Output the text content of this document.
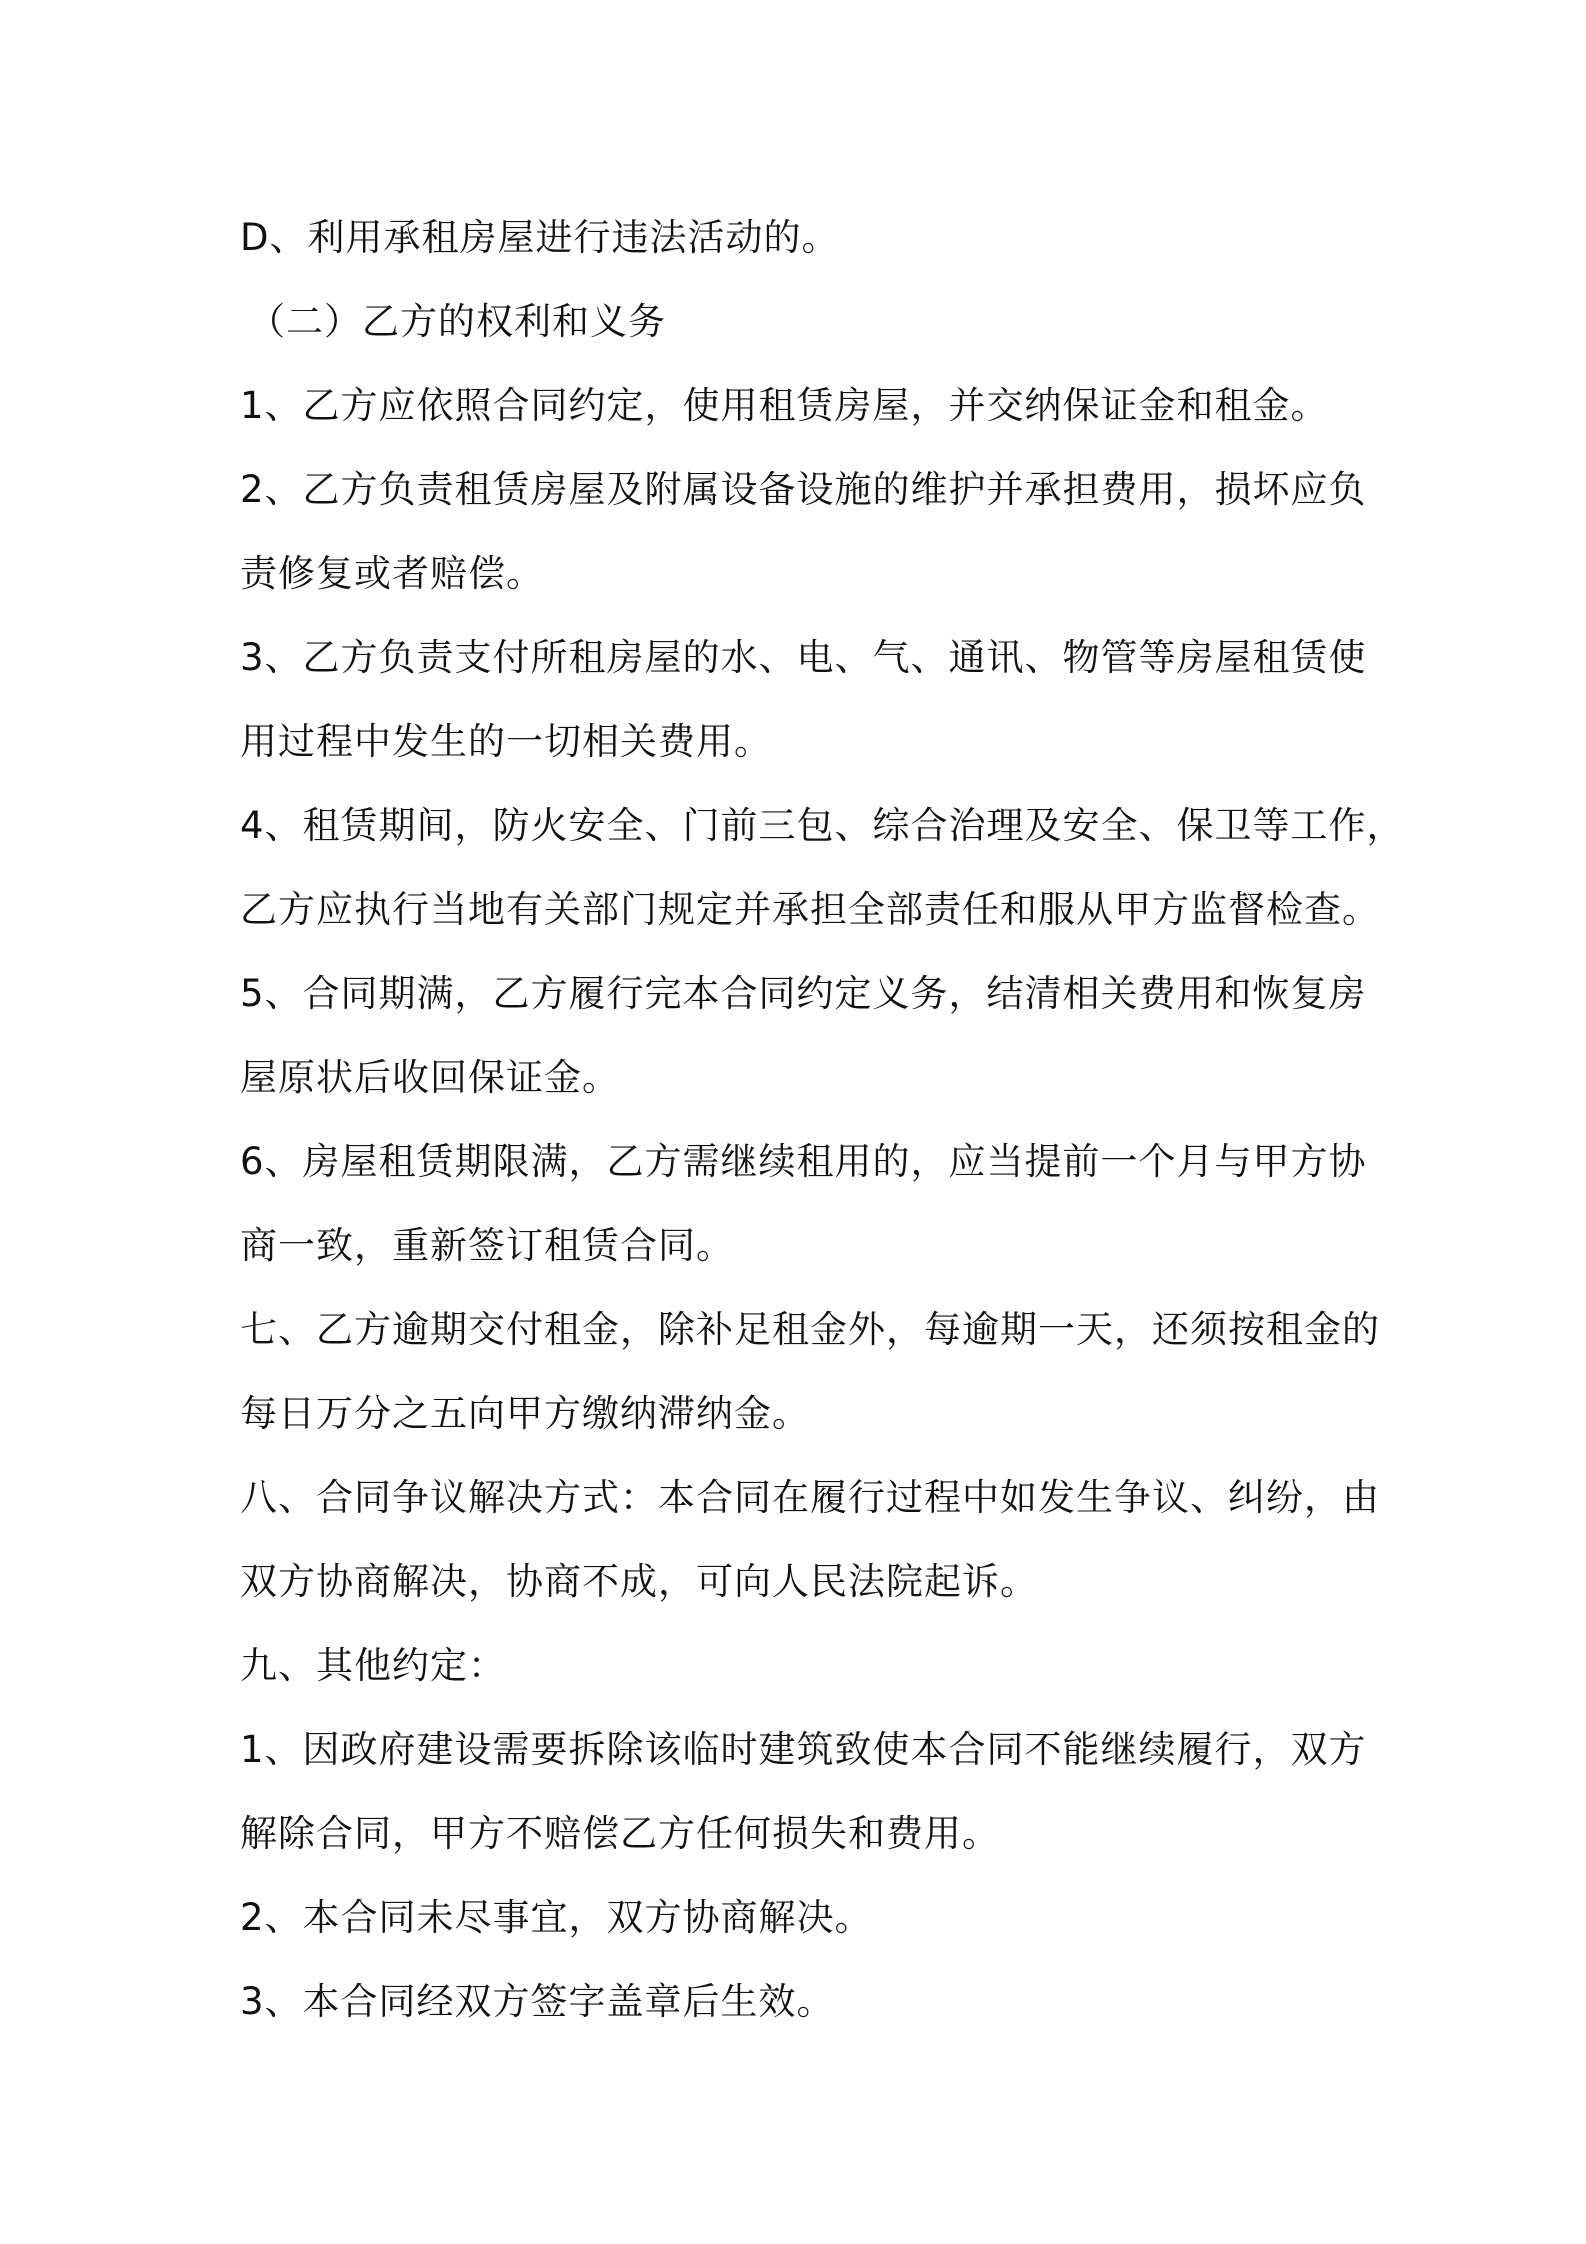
D、利用承租房屋进行违法活动的。
（二）乙方的权利和义务
1、乙方应依照合同约定，使用租赁房屋，并交纳保证金和租金。
2、乙方负责租赁房屋及附属设备设施的维护并承担费用，损坏应负
责修复或者赔偿。
3、乙方负责支付所租房屋的水、电、气、通讯、物管等房屋租赁使
用过程中发生的一切相关费用。
4、租赁期间，防火安全、门前三包、综合治理及安全、保卫等工作，
乙方应执行当地有关部门规定并承担全部责任和服从甲方监督检查。
5、合同期满，乙方履行完本合同约定义务，结清相关费用和恢复房
屋原状后收回保证金。
6、房屋租赁期限满，乙方需继续租用的，应当提前一个月与甲方协
商一致，重新签订租赁合同。
七、乙方逾期交付租金，除补足租金外，每逾期一天，还须按租金的
每日万分之五向甲方缴纳滞纳金。
八、合同争议解决方式：本合同在履行过程中如发生争议、纠纷，由
双方协商解决，协商不成，可向人民法院起诉。
九、其他约定：
1、因政府建设需要拆除该临时建筑致使本合同不能继续履行，双方
解除合同，甲方不赔偿乙方任何损失和费用。
2、本合同未尽事宜，双方协商解决。
3、本合同经双方签字盖章后生效。
